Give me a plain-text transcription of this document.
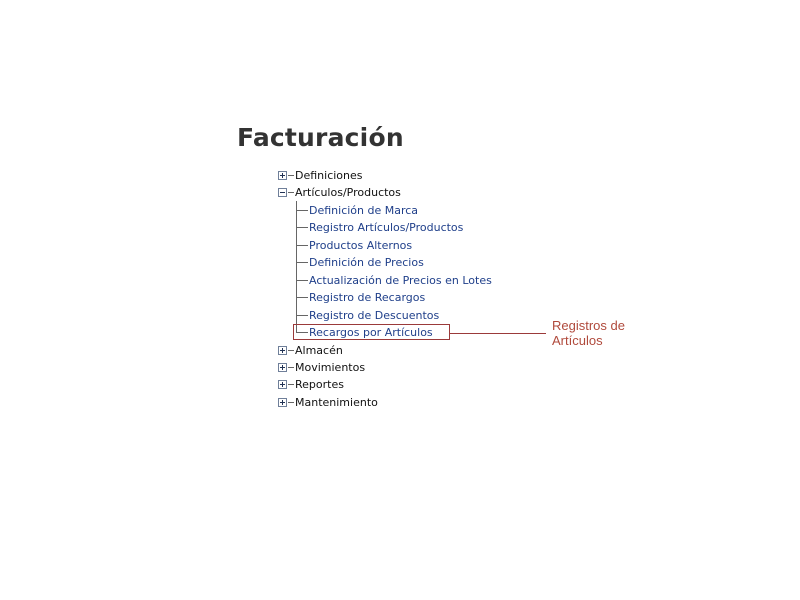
Facturación
Definiciones
Artículos/Productos
Definición de Marca
Registro Artículos/Productos
Productos Alternos
Definición de Precios
Actualización de Precios en Lotes
Registro de Recargos
Registro de Descuentos
Recargos por Artículos
Almacén
Movimientos
Reportes
Mantenimiento
Registros de Artículos
